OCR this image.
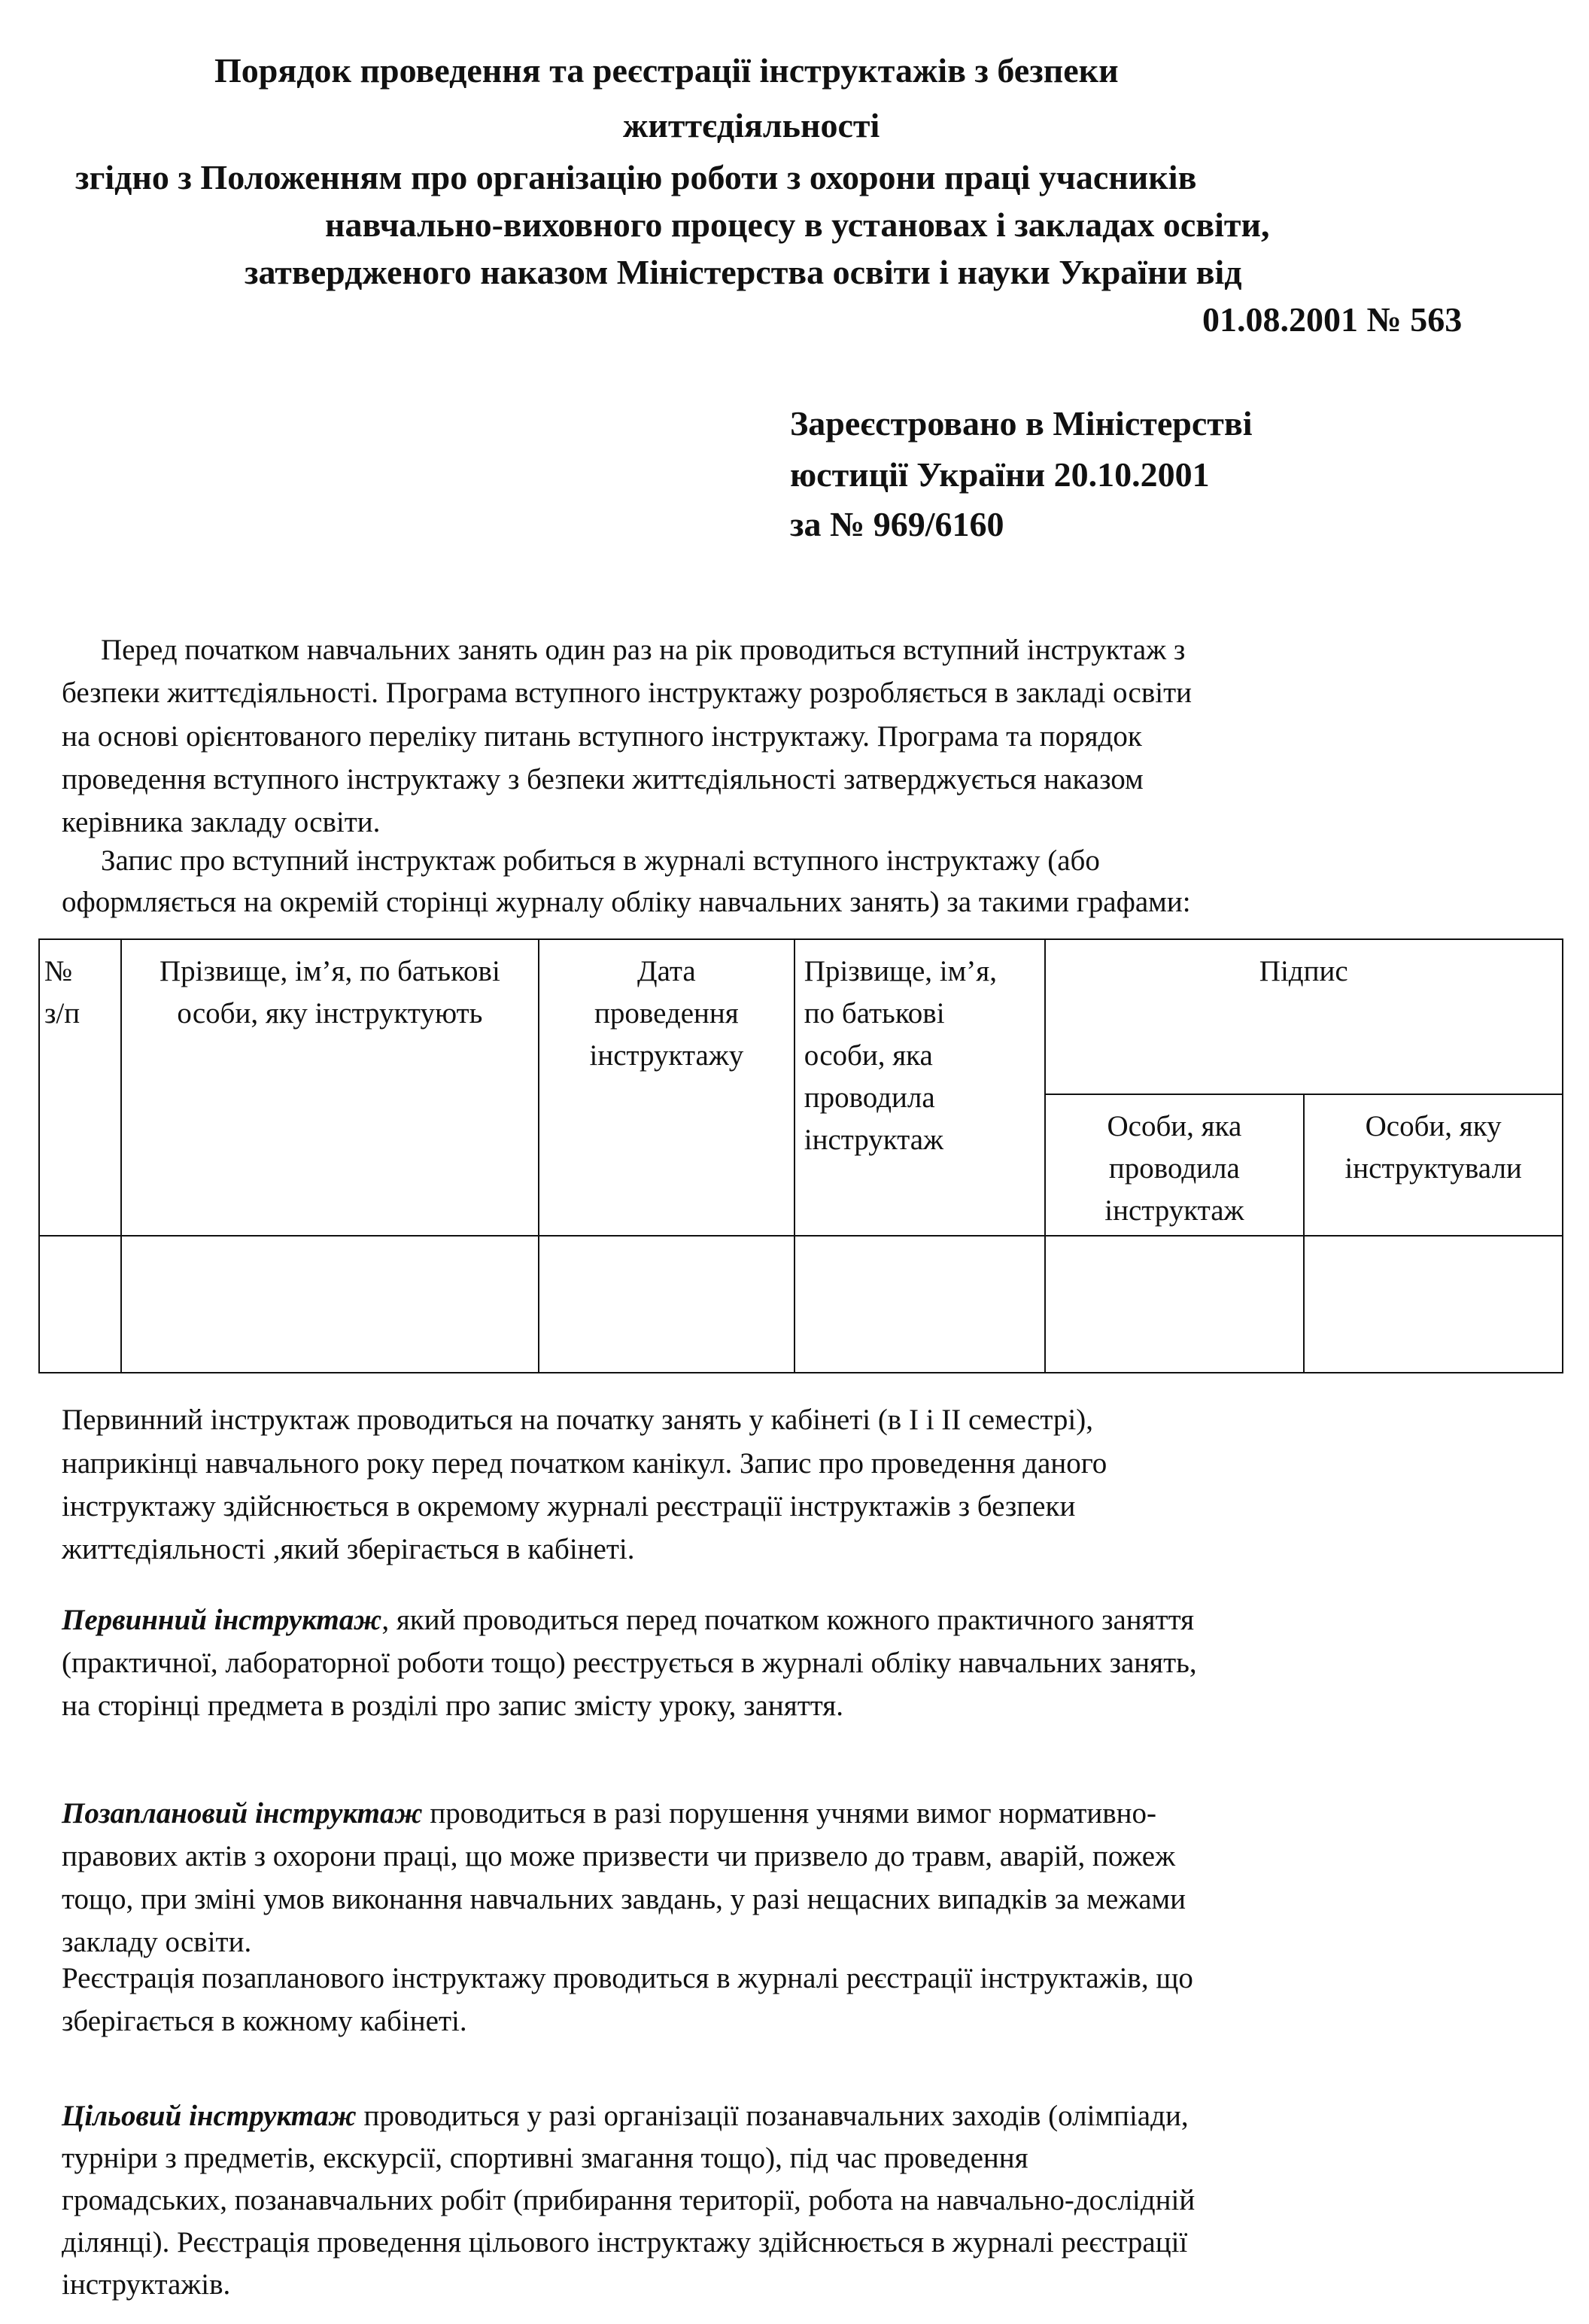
Порядок проведення та реєстрації інструктажів з безпеки
життєдіяльності
згідно з Положенням про організацію роботи з охорони праці учасників
навчально-виховного процесу в установах і закладах освіти,
затвердженого наказом Міністерства освіти і науки України від
01.08.2001 № 563
Зареєстровано в Міністерстві
юстиції України 20.10.2001
за № 969/6160
Перед початком навчальних занять один раз на рік проводиться вступний інструктаж з
безпеки життєдіяльності. Програма вступного інструктажу розробляється в закладі освіти
на основі орієнтованого переліку питань вступного інструктажу. Програма та порядок
проведення вступного інструктажу з безпеки життєдіяльності затверджується наказом
керівника закладу освіти.
Запис про вступний інструктаж робиться в журналі вступного інструктажу (або
оформляється на окремій сторінці журналу обліку навчальних занять) за такими графами:
№
з/п	Прізвище, ім’я, по батькові особи, яку інструктують	Дата проведення інструктажу	Прізвище, ім’я, по батькові особи, яка проводила інструктаж	Підпис	
				Особи, яка проводила інструктаж	Особи, яку інструктували

Первинний інструктаж проводиться на початку занять у кабінеті (в І і ІІ семестрі),
наприкінці навчального року перед початком канікул. Запис про проведення даного
інструктажу здійснюється в окремому журналі реєстрації інструктажів з безпеки
життєдіяльності ,який зберігається в кабінеті.
Первинний інструктаж, який проводиться перед початком кожного практичного заняття
(практичної, лабораторної роботи тощо) реєструється в журналі обліку навчальних занять,
на сторінці предмета в розділі про запис змісту уроку, заняття.
Позаплановий інструктаж проводиться в разі порушення учнями вимог нормативно-
правових актів з охорони праці, що може призвести чи призвело до травм, аварій, пожеж
тощо, при зміні умов виконання навчальних завдань, у разі нещасних випадків за межами
закладу освіти.
Реєстрація позапланового інструктажу проводиться в журналі реєстрації інструктажів, що
зберігається в кожному кабінеті.
Цільовий інструктаж проводиться у разі організації позанавчальних заходів (олімпіади,
турніри з предметів, екскурсії, спортивні змагання тощо), під час проведення
громадських, позанавчальних робіт (прибирання території, робота на навчально-дослідній
ділянці). Реєстрація проведення цільового інструктажу здійснюється в журналі реєстрації
інструктажів.
